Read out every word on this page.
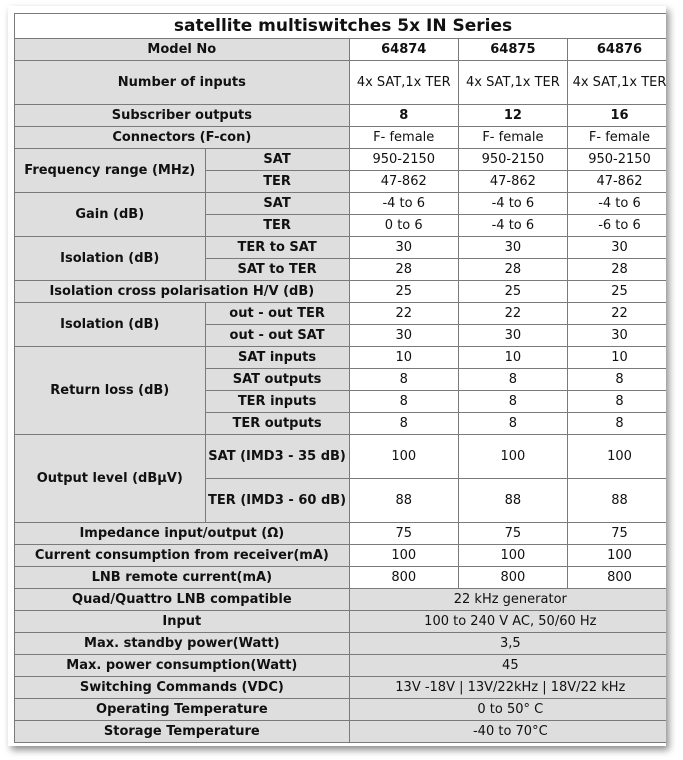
satellite multiswitches 5x IN Series				
Model No		64874	64875	64876
Number of inputs		4x SAT,1x TER	4x SAT,1x TER	4x SAT,1x TER
Subscriber outputs		8	12	16
Connectors (F-con)		F- female	F- female	F- female
Frequency range (MHz)	SAT	950-2150	950-2150	950-2150
	TER	47-862	47-862	47-862
Gain (dB)	SAT	-4 to 6	-4 to 6	-4 to 6
	TER	0 to 6	-4 to 6	-6 to 6
Isolation (dB)	TER to SAT	30	30	30
	SAT to TER	28	28	28
Isolation cross polarisation H/V (dB)		25	25	25
Isolation (dB)	out - out TER	22	22	22
	out - out SAT	30	30	30
Return loss (dB)	SAT inputs	10	10	10
	SAT outputs	8	8	8
	TER inputs	8	8	8
	TER outputs	8	8	8
Output level (dBµV)	SAT (IMD3 - 35 dB)	100	100	100
	TER (IMD3 - 60 dB)	88	88	88
Impedance input/output (Ω)		75	75	75
Current consumption from receiver(mA)		100	100	100
LNB remote current(mA)		800	800	800
Quad/Quattro LNB compatible		22 kHz generator		
Input		100 to 240 V AC, 50/60 Hz		
Max. standby power(Watt)		3,5		
Max. power consumption(Watt)		45		
Switching Commands (VDC)		13V -18V | 13V/22kHz | 18V/22 kHz		
Operating Temperature		0 to 50° C		
Storage Temperature		-40 to 70°C		
